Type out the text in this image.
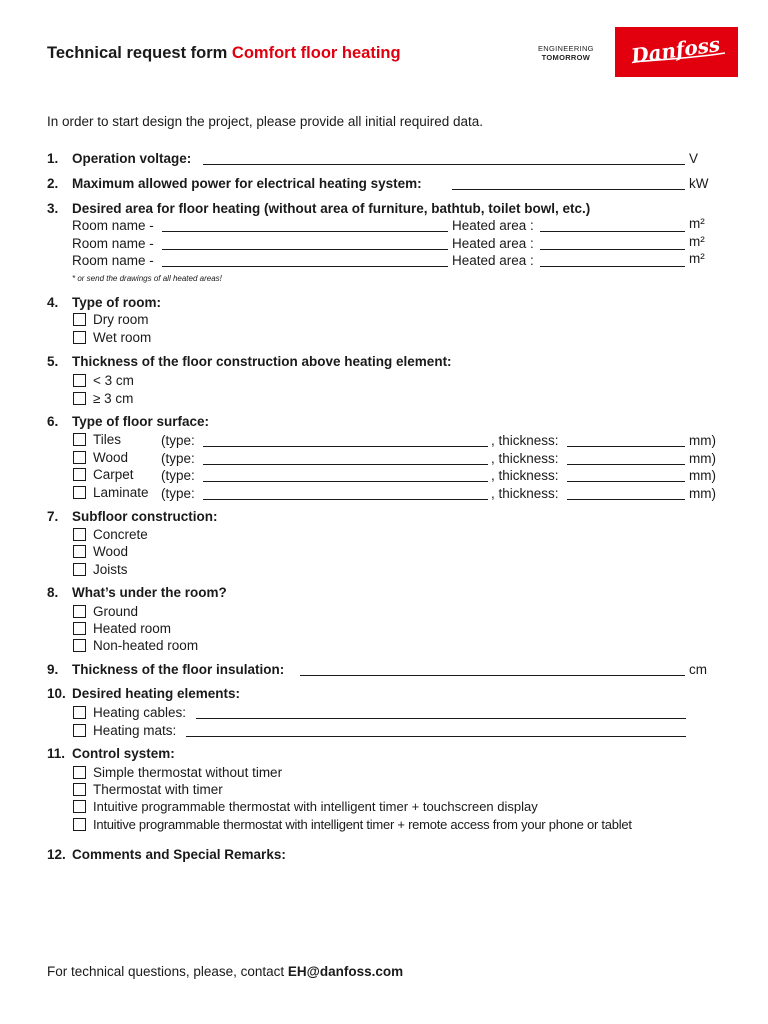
Technical request form Comfort floor heating	ENGINEERING
TOMORROW Danfoss
In order to start design the project, please provide all initial required data.
1. Operation voltage:	V
2. Maximum allowed power for electrical heating system:	kW
3. Desired area for floor heating (without area of furniture, bathtub, toilet bowl, etc.)
Room name -	Heated area :	m²
Room name -	Heated area :	m²
Room name -	Heated area :	m²
* or send the drawings of all heated areas!
4. Type of room:
Dry room
Wet room
5. Thickness of the floor construction above heating element:
< 3 cm
≥ 3 cm
6. Type of floor surface:
Tiles	(type:	, thickness:	mm)
Wood (type:	, thickness:	mm)
Carpet (type:	, thickness:	mm)
Laminate (type:	, thickness:	mm)
7. Subfloor construction:
Concrete
Wood
Joists
8. What’s under the room?
Ground
Heated room
Non-heated room
9. Thickness of the floor insulation:	cm
10. Desired heating elements:
Heating cables:
Heating mats:
11. Control system:
Simple thermostat without timer
Thermostat with timer
Intuitive programmable thermostat with intelligent timer + touchscreen display
Intuitive programmable thermostat with intelligent timer + remote access from your phone or tablet
12. Comments and Special Remarks:
For technical questions, please, contact EH@danfoss.com
